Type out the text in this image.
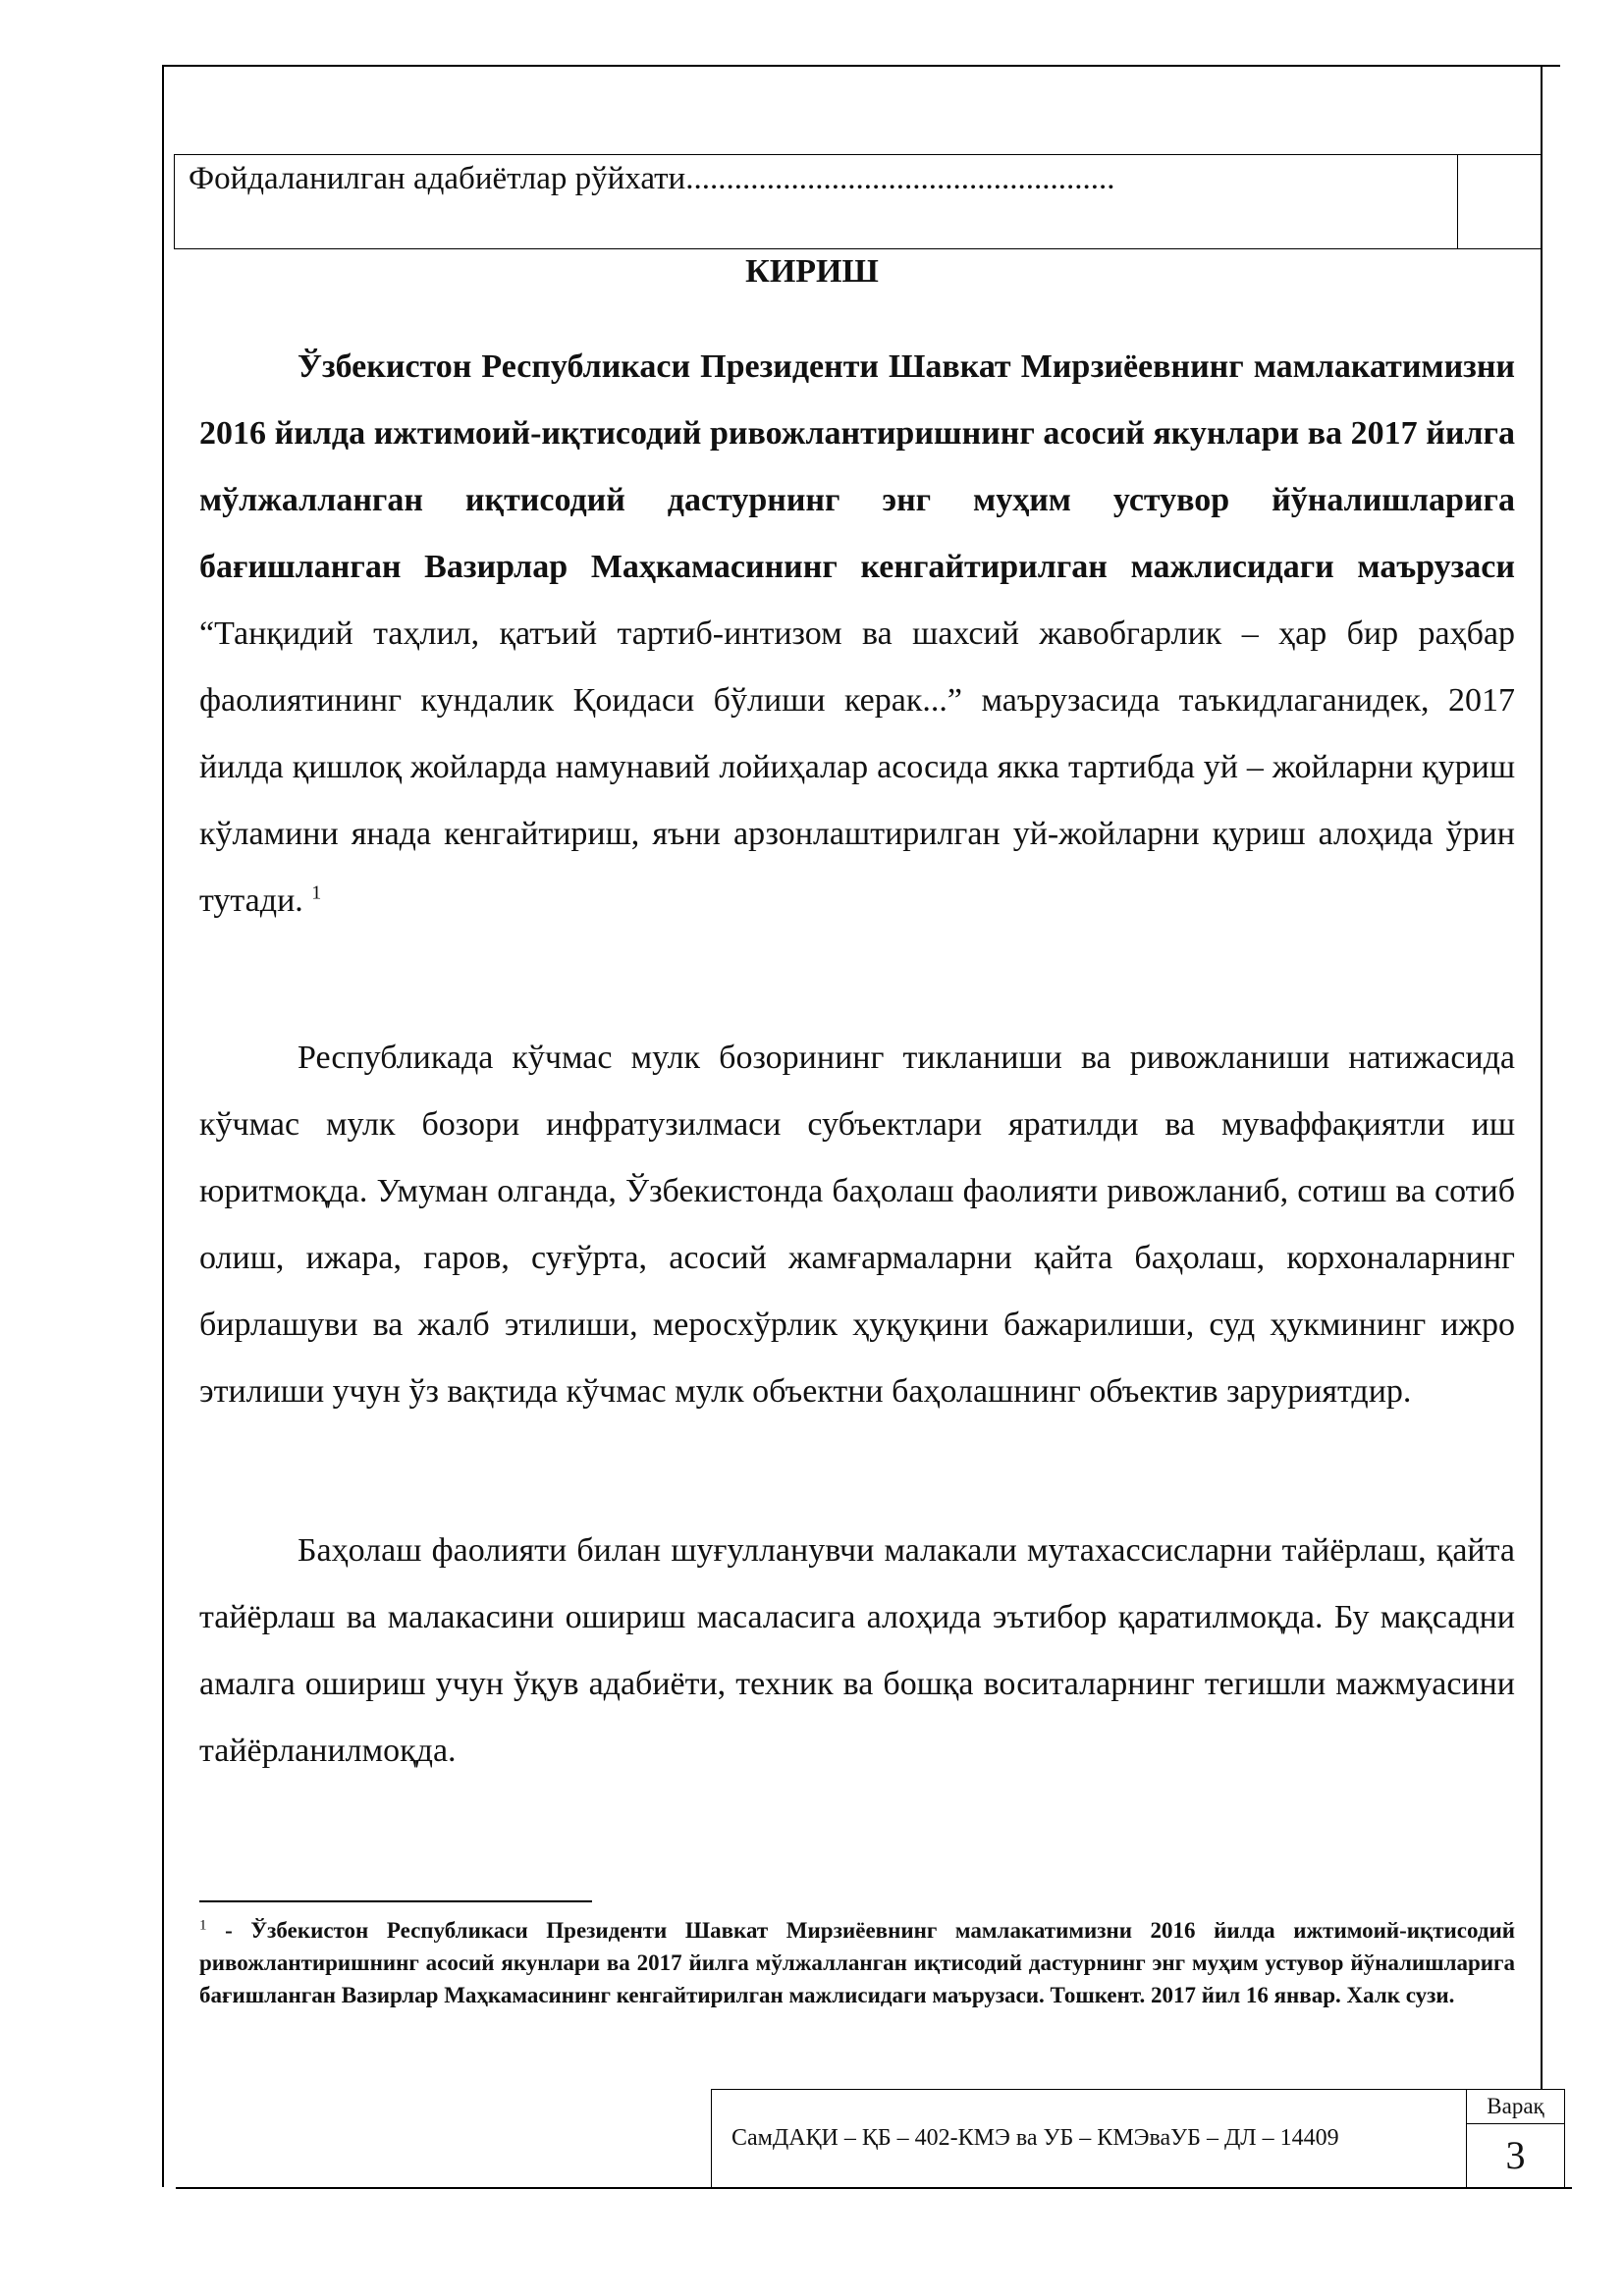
Фойдаланилган адабиётлар рўйхати.....................................................
КИРИШ
Ўзбекистон Республикаси Президенти Шавкат Мирзиёевнинг мамлакатимизни 2016 йилда ижтимоий-иқтисодий ривожлантиришнинг асосий якунлари ва 2017 йилга мўлжалланган иқтисодий дастурнинг энг муҳим устувор йўналишларига бағишланган Вазирлар Маҳкамасининг кенгайтирилган мажлисидаги маърузаси “Танқидий таҳлил, қатъий тартиб-интизом ва шахсий жавобгарлик – ҳар бир раҳбар фаолиятининг кундалик Қоидаси бўлиши керак...” маърузасида таъкидлаганидек, 2017 йилда қишлоқ жойларда намунавий лойиҳалар асосида якка тартибда уй – жойларни қуриш кўламини янада кенгайтириш, яъни арзонлаштирилган уй-жойларни қуриш алоҳида ўрин тутади. $^1$
Республикада кўчмас мулк бозорининг тикланиши ва ривожланиши натижасида кўчмас мулк бозори инфратузилмаси субъектлари яратилди ва муваффақиятли иш юритмоқда. Умуман олганда, Ўзбекистонда баҳолаш фаолияти ривожланиб, сотиш ва сотиб олиш, ижара, гаров, суғўрта, асосий жамғармаларни қайта баҳолаш, корхоналарнинг бирлашуви ва жалб этилиши, меросхўрлик ҳуқуқини бажарилиши, суд ҳукмининг ижро этилиши учун ўз вақтида кўчмас мулк объектни баҳолашнинг объектив заруриятдир.
Баҳолаш фаолияти билан шуғулланувчи малакали мутахассисларни тайёрлаш, қайта тайёрлаш ва малакасини ошириш масаласига алоҳида эътибор қаратилмоқда. Бу мақсадни амалга ошириш учун ўқув адабиёти, техник ва бошқа воситаларнинг тегишли мажмуасини тайёрланилмоқда.
$^1$ - Ўзбекистон Республикаси Президенти Шавкат Мирзиёевнинг мамлакатимизни 2016 йилда ижтимоий-иқтисодий ривожлантиришнинг асосий якунлари ва 2017 йилга мўлжалланган иқтисодий дастурнинг энг муҳим устувор йўналишларига бағишланган Вазирлар Маҳкамасининг кенгайтирилган мажлисидаги маърузаси. Тошкент. 2017 йил 16 январ. Халк сузи.
СамДАҚИ – ҚБ – 402-КМЭ ва УБ – КМЭваУБ – ДЛ – 14409
Варақ
3
